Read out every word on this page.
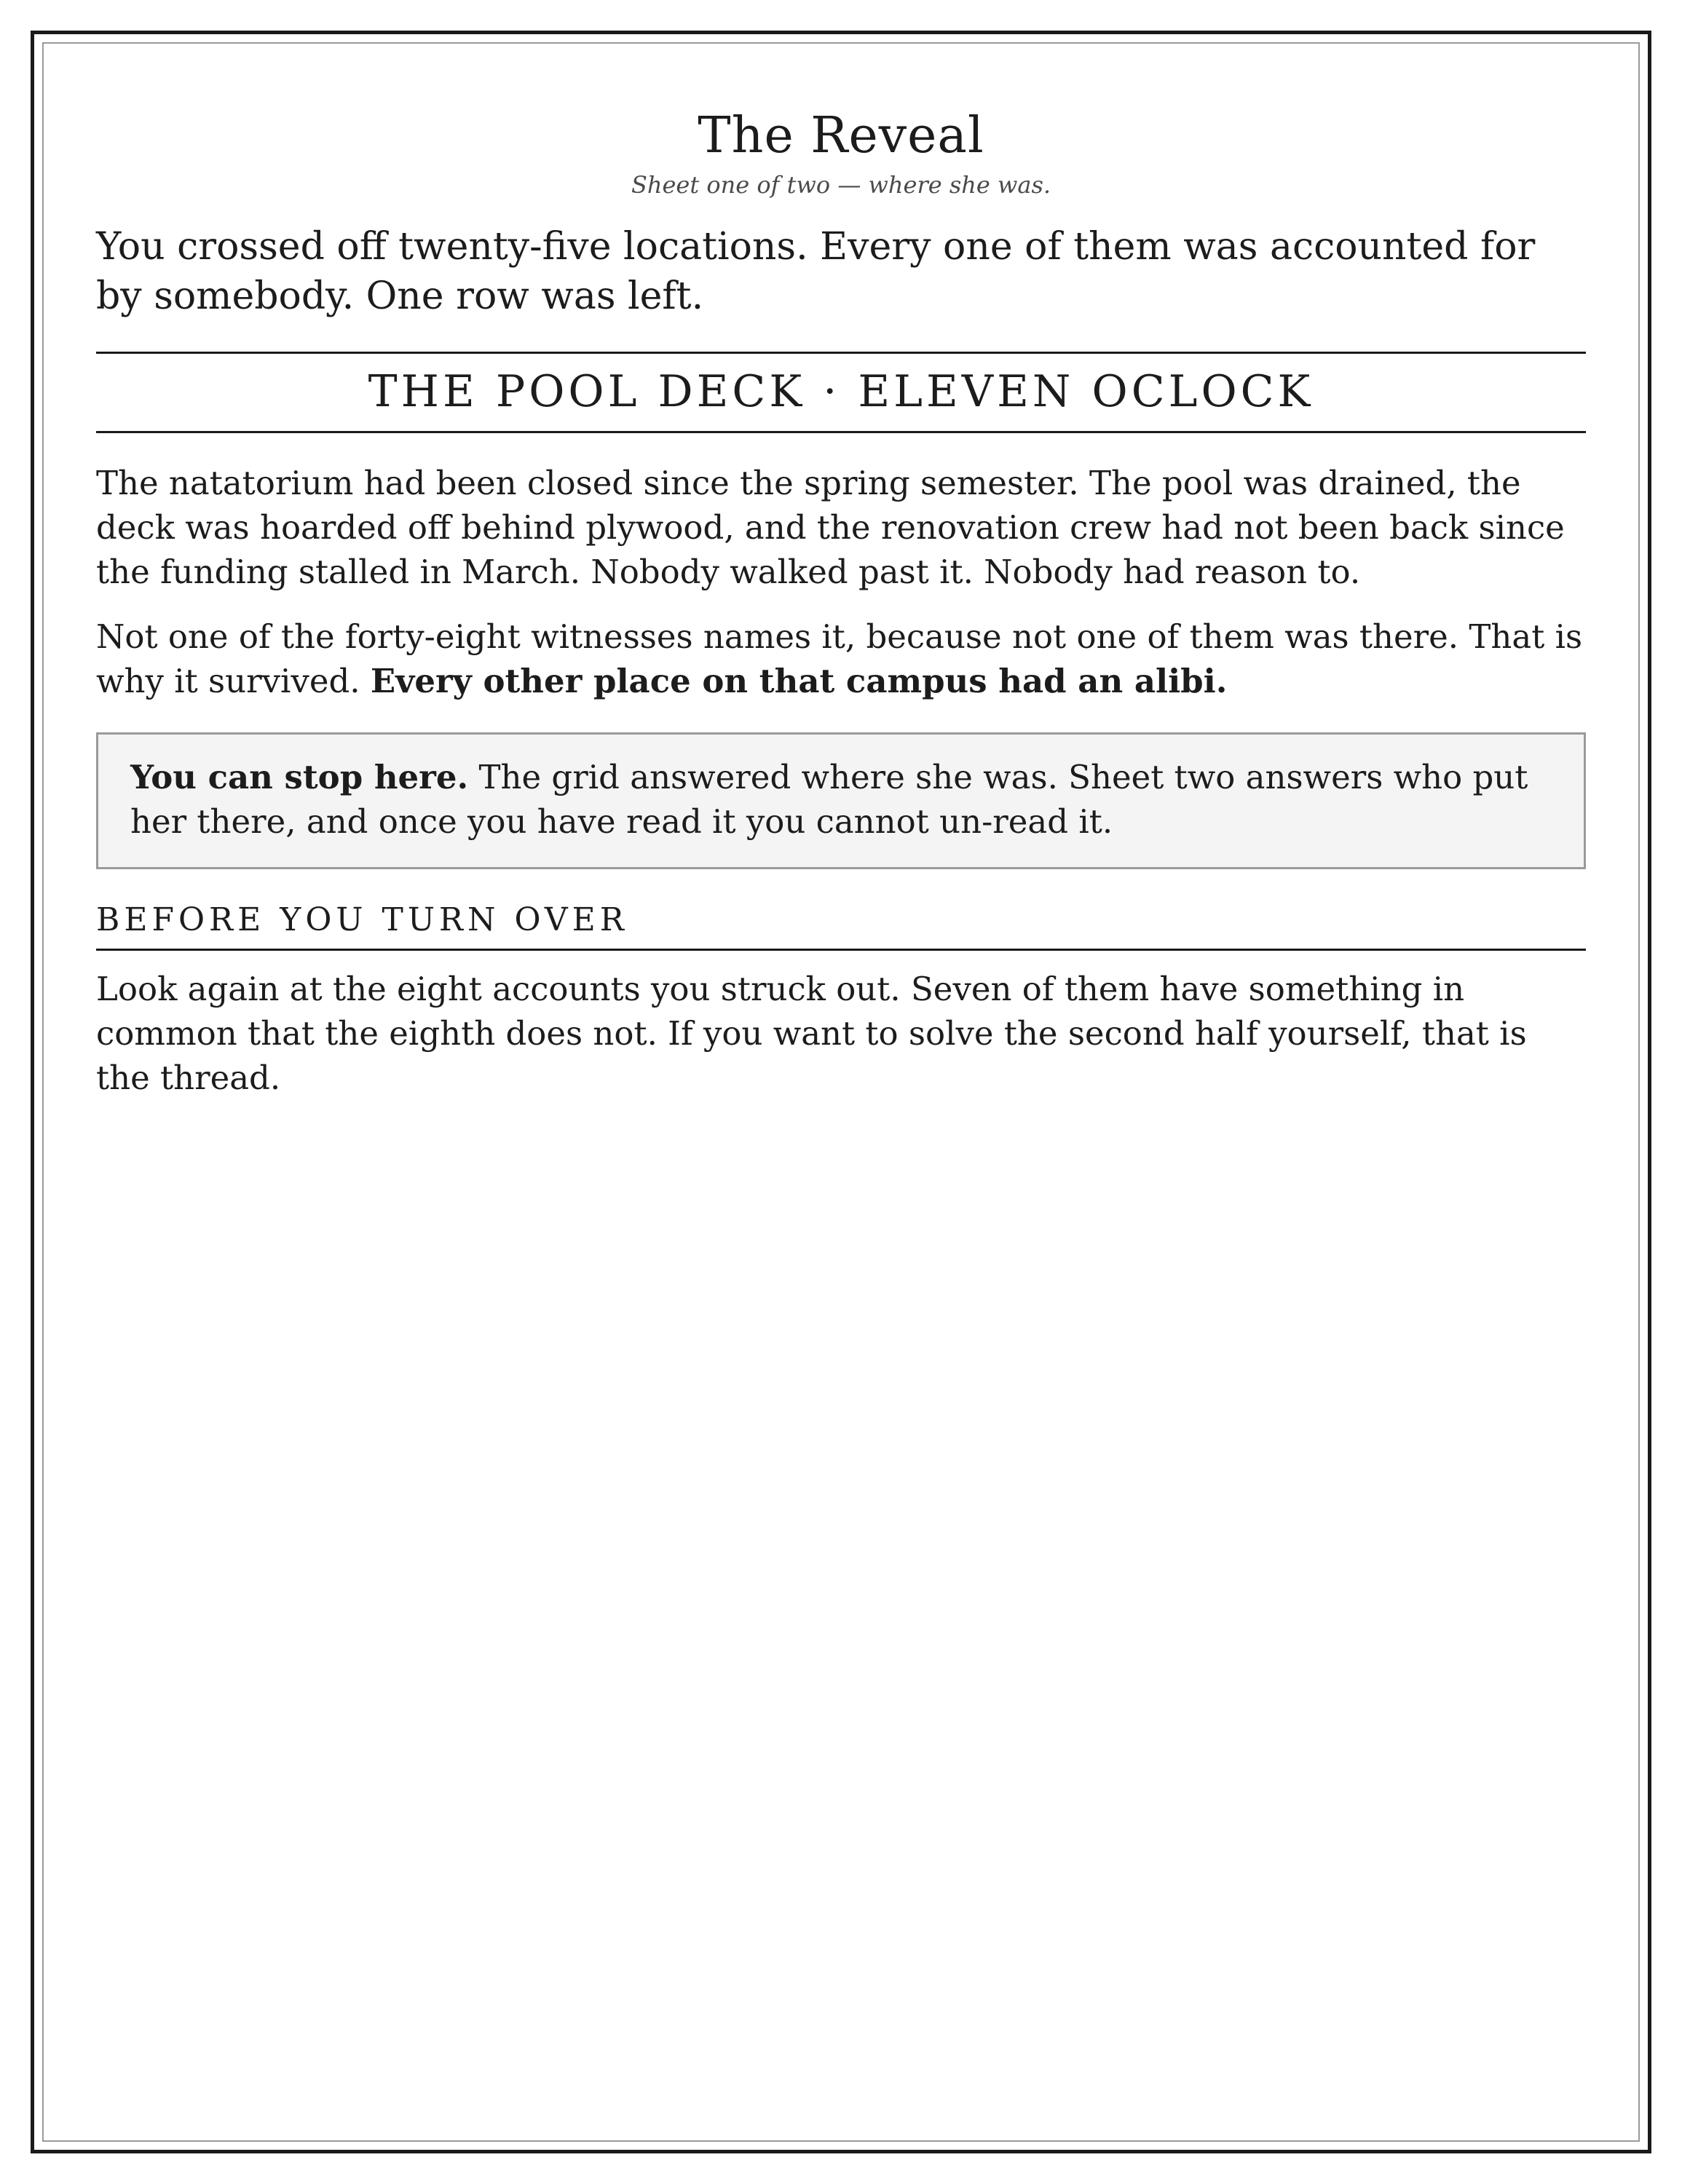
The Reveal

Sheet one of two — where she was.

You crossed off twenty-five locations. Every one of them was accounted for by somebody. One row was left.

THE POOL DECK · ELEVEN OCLOCK

The natatorium had been closed since the spring semester. The pool was drained, the deck was hoarded off behind plywood, and the renovation crew had not been back since the funding stalled in March. Nobody walked past it. Nobody had reason to.

Not one of the forty-eight witnesses names it, because not one of them was there. That is why it survived. Every other place on that campus had an alibi.

You can stop here. The grid answered where she was. Sheet two answers who put her there, and once you have read it you cannot un-read it.
BEFORE YOU TURN OVER

Look again at the eight accounts you struck out. Seven of them have something in common that the eighth does not. If you want to solve the second half yourself, that is the thread.
